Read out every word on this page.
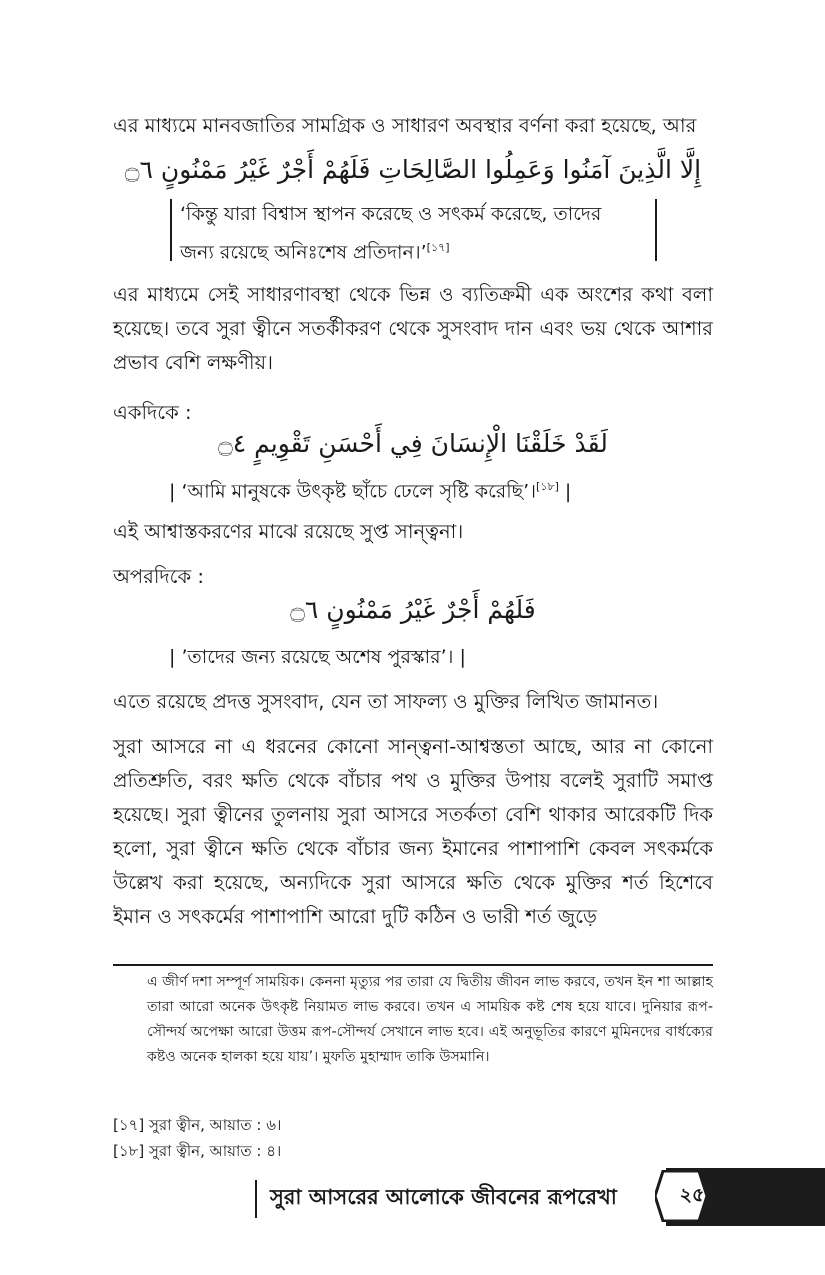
এর মাধ্যমে মানবজাতির সামগ্রিক ও সাধারণ অবস্থার বর্ণনা করা হয়েছে, আর
إِلَّا الَّذِينَ آمَنُوا وَعَمِلُوا الصَّالِحَاتِ فَلَهُمْ أَجْرٌ غَيْرُ مَمْنُونٍ ۝٦
‘কিন্তু যারা বিশ্বাস স্থাপন করেছে ও সৎকর্ম করেছে, তাদের
জন্য রয়েছে অনিঃশেষ প্রতিদান।’[১৭]
এর মাধ্যমে সেই সাধারণাবস্থা থেকে ভিন্ন ও ব্যতিক্রমী এক অংশের কথা বলা হয়েছে। তবে সুরা ত্বীনে সতর্কীকরণ থেকে সুসংবাদ দান এবং ভয় থেকে আশার প্রভাব বেশি লক্ষণীয়।
একদিকে :
لَقَدْ خَلَقْنَا الْإِنسَانَ فِي أَحْسَنِ تَقْوِيمٍ ۝٤
| ‘আমি মানুষকে উৎকৃষ্ট ছাঁচে ঢেলে সৃষ্টি করেছি’।[১৮] |
এই আশ্বাস্তকরণের মাঝে রয়েছে সুপ্ত সান্ত্বনা।
অপরদিকে :
فَلَهُمْ أَجْرٌ غَيْرُ مَمْنُونٍ ۝٦
| ’তাদের জন্য রয়েছে অশেষ পুরস্কার’। |
এতে রয়েছে প্রদত্ত সুসংবাদ, যেন তা সাফল্য ও মুক্তির লিখিত জামানত।
সুরা আসরে না এ ধরনের কোনো সান্ত্বনা-আশ্বস্ততা আছে, আর না কোনো প্রতিশ্রুতি, বরং ক্ষতি থেকে বাঁচার পথ ও মুক্তির উপায় বলেই সুরাটি সমাপ্ত হয়েছে। সুরা ত্বীনের তুলনায় সুরা আসরে সতর্কতা বেশি থাকার আরেকটি দিক হলো, সুরা ত্বীনে ক্ষতি থেকে বাঁচার জন্য ইমানের পাশাপাশি কেবল সৎকর্মকে উল্লেখ করা হয়েছে, অন্যদিকে সুরা আসরে ক্ষতি থেকে মুক্তির শর্ত হিশেবে ইমান ও সৎকর্মের পাশাপাশি আরো দুটি কঠিন ও ভারী শর্ত জুড়ে
এ জীর্ণ দশা সম্পূর্ণ সাময়িক। কেননা মৃত্যুর পর তারা যে দ্বিতীয় জীবন লাভ করবে, তখন ইন শা আল্লাহ তারা আরো অনেক উৎকৃষ্ট নিয়ামত লাভ করবে। তখন এ সাময়িক কষ্ট শেষ হয়ে যাবে। দুনিয়ার রূপ-সৌন্দর্য অপেক্ষা আরো উত্তম রূপ-সৌন্দর্য সেখানে লাভ হবে। এই অনুভূতির কারণে মুমিনদের বার্ধক্যের কষ্টও অনেক হালকা হয়ে যায়’। মুফতি মুহাম্মাদ তাকি উসমানি।
[১৭] সুরা ত্বীন, আয়াত : ৬।
[১৮] সুরা ত্বীন, আয়াত : ৪।
সুরা আসরের আলোকে জীবনের রূপরেখা	২৫
